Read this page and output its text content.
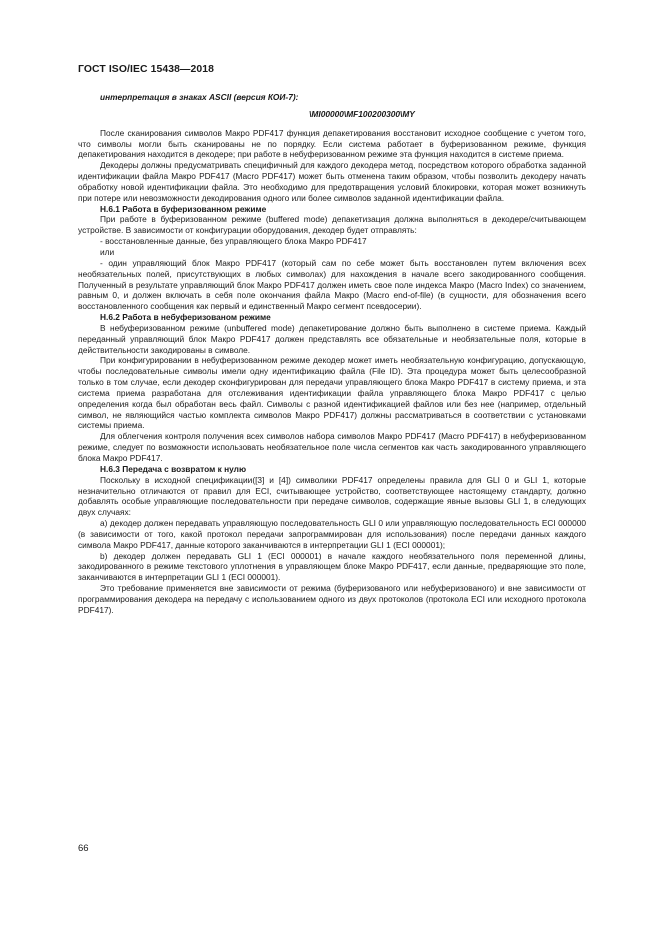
ГОСТ ISO/IEC 15438—2018

интерпретация в знаках ASCII (версия КОИ-7):

\MI00000\MF100200300\MY

После сканирования символов Макро PDF417 функция депакетирования восстановит исходное сообщение с учетом того, что символы могли быть сканированы не по порядку. Если система работает в буферизованном режиме, функция депакетирования находится в декодере; при работе в небуферизованном режиме эта функция находится в системе приема.

Декодеры должны предусматривать специфичный для каждого декодера метод, посредством которого обработка заданной идентификации файла Макро PDF417 (Macro PDF417) может быть отменена таким образом, чтобы позволить декодеру начать обработку новой идентификации файла. Это необходимо для предотвращения условий блокировки, которая может возникнуть при потере или невозможности декодирования одного или более символов заданной идентификации файла.

Н.6.1 Работа в буферизованном режиме

При работе в буферизованном режиме (buffered mode) депакетизация должна выполняться в декодере/считывающем устройстве. В зависимости от конфигурации оборудования, декодер будет отправлять:

- восстановленные данные, без управляющего блока Макро PDF417

или

- один управляющий блок Макро PDF417 (который сам по себе может быть восстановлен путем включения всех необязательных полей, присутствующих в любых символах) для нахождения в начале всего закодированного сообщения. Полученный в результате управляющий блок Макро PDF417 должен иметь свое поле индекса Макро (Macro Index) со значением, равным 0, и должен включать в себя поле окончания файла Макро (Macro end-of-file) (в сущности, для обозначения всего восстановленного сообщения как первый и единственный Макро сегмент псевдосерии).

Н.6.2 Работа в небуферизованом режиме

В небуферизованном режиме (unbuffered mode) депакетирование должно быть выполнено в системе приема. Каждый переданный управляющий блок Макро PDF417 должен представлять все обязательные и необязательные поля, которые в действительности закодированы в символе.

При конфигурировании в небуферизованном режиме декодер может иметь необязательную конфигурацию, допускающую, чтобы последовательные символы имели одну идентификацию файла (File ID). Эта процедура может быть целесообразной только в том случае, если декодер сконфигурирован для передачи управляющего блока Макро PDF417 в систему приема, и эта система приема разработана для отслеживания идентификации файла управляющего блока Макро PDF417 с целью определения когда был обработан весь файл. Символы с разной идентификацией файлов или без нее (например, отдельный символ, не являющийся частью комплекта символов Макро PDF417) должны рассматриваться в соответствии с установками системы приема.

Для облегчения контроля получения всех символов набора символов Макро PDF417 (Macro PDF417) в небуферизованном режиме, следует по возможности использовать необязательное поле числа сегментов как часть закодированного управляющего блока Макро PDF417.

Н.6.3 Передача с возвратом к нулю

Поскольку в исходной спецификации([3] и [4]) символики PDF417 определены правила для GLI 0 и GLI 1, которые незначительно отличаются от правил для ECI, считывающее устройство, соответствующее настоящему стандарту, должно добавлять особые управляющие последовательности при передаче символов, содержащие явные вызовы GLI 1, в следующих двух случаях:

а) декодер должен передавать управляющую последовательность GLI 0 или управляющую последовательность ECI 000000 (в зависимости от того, какой протокол передачи запрограммирован для использования) после передачи данных каждого символа Макро PDF417, данные которого заканчиваются в интерпретации GLI 1 (ECI 000001);

b) декодер должен передавать GLI 1 (ECI 000001) в начале каждого необязательного поля переменной длины, закодированного в режиме текстового уплотнения в управляющем блоке Макро PDF417, если данные, предваряющие это поле, заканчиваются в интерпретации GLI 1 (ECI 000001).

Это требование применяется вне зависимости от режима (буферизованого или небуферизованого) и вне зависимости от программирования декодера на передачу с использованием одного из двух протоколов (протокола ECI или исходного протокола PDF417).

66
